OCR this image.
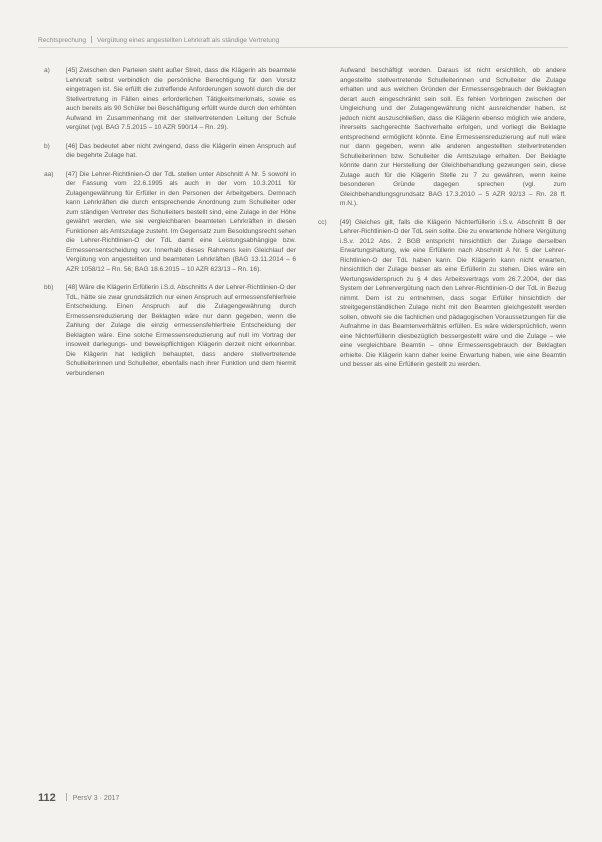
Rechtsprechung Vergütung eines angestellten Lehrkraft als ständige Vertretung
a)	[45] Zwischen den Parteien steht außer Streit, dass die Klägerin als beamtete Lehrkraft selbst verbindlich die persönliche Berechtigung für den Vorsitz eingetragen ist. Sie erfüllt die zutreffende Anforderungen sowohl durch die der Stellvertretung in Fällen eines erforderlichen Tätigkeitsmerkmals, sowie es auch bereits als 90 Schüler bei Beschäftigung erfüllt wurde durch den erhöhten Aufwand im Zusammenhang mit der stellvertretenden Leitung der Schule vergütet (vgl. BAG 7.5.2015 – 10 AZR 590/14 – Rn. 29).
b)	[46] Das bedeutet aber nicht zwingend, dass die Klägerin einen Anspruch auf die begehrte Zulage hat.
aa)	[47] Die Lehrer-Richtlinien-O der TdL stellen unter Abschnitt A Nr. 5 sowohl in der Fassung vom 22.6.1995 als auch in der vom 10.3.2011 für Zulagengewährung für Erfüller in den Personen der Arbeitgebers. Demnach kann Lehrkräften die durch entsprechende Anordnung zum Schulleiter oder zum ständigen Vertreter des Schulleiters bestellt sind, eine Zulage in der Höhe gewährt werden, wie sie vergleichbaren beamteten Lehrkräften in diesen Funktionen als Amtszulage zusteht. Im Gegensatz zum Besoldungsrecht sehen die Lehrer-Richtlinien-O der TdL damit eine Leistungsabhängige bzw. Ermessensentscheidung vor. Innerhalb dieses Rahmens kein Gleichlauf der Vergütung von angestellten und beamteten Lehrkräften (BAG 13.11.2014 – 6 AZR 1058/12 – Rn. 56; BAG 18.6.2015 – 10 AZR 623/13 – Rn. 16).
bb)	[48] Wäre die Klägerin Erfüllerin i.S.d. Abschnitts A der Lehrer-Richtlinien-O der TdL, hätte sie zwar grundsätzlich nur einen Anspruch auf ermessensfehlerfreie Entscheidung. Einen Anspruch auf die Zulagengewährung durch Ermessensreduzierung der Beklagten wäre nur dann gegeben, wenn die Zahlung der Zulage die einzig ermessensfehlerfreie Entscheidung der Beklagten wäre. Eine solche Ermessensreduzierung auf null im Vortrag der insoweit darlegungs- und beweispflichtigen Klägerin derzeit nicht erkennbar. Die Klägerin hat lediglich behauptet, dass andere stellvertretende Schulleiterinnen und Schulleiter, ebenfalls nach ihrer Funktion und dem hiermit verbundenen
Aufwand beschäftigt worden. Daraus ist nicht ersichtlich, ob andere angestellte stellvertretende Schulleiterinnen und Schulleiter die Zulage erhalten und aus welchen Gründen der Ermessensgebrauch der Beklagten derart auch eingeschränkt sein soll. Es fehlen Vorbringen zwischen der Ungleichung und der Zulagengewährung nicht ausreichender haben, ist jedoch nicht auszuschließen, dass die Klägerin ebenso möglich wie andere, ihrerseits sachgerechte Sachverhalte erfolgen, und vorliegt die Beklagte entsprechend ermöglicht könnte. Eine Ermessensreduzierung auf null wäre nur dann gegeben, wenn alle anderen angestellten stellvertretenden Schulleiterinnen bzw. Schulleiter die Amtszulage erhalten. Der Beklagte könnte dann zur Herstellung der Gleichbehandlung gezwungen sein, diese Zulage auch für die Klägerin Stelle zu 7 zu gewähren, wenn keine besonderen Gründe dagegen sprechen (vgl. zum Gleichbehandlungsgrundsatz BAG 17.3.2010 – 5 AZR 92/13 – Rn. 28 ff. m.N.).
cc)	[49] Gleiches gilt, falls die Klägerin Nichterfüllerin i.S.v. Abschnitt B der Lehrer-Richtlinien-O der TdL sein sollte. Die zu erwartende höhere Vergütung i.S.v. 2012 Abs. 2 BGB entspricht hinsichtlich der Zulage derselben Erwartungshaltung, wie eine Erfüllerin nach Abschnitt A Nr. 5 der Lehrer-Richtlinien-O der TdL haben kann. Die Klägerin kann nicht erwarten, hinsichtlich der Zulage besser als eine Erfüllerin zu stehen. Dies wäre ein Wertungswiderspruch zu § 4 des Arbeitsvertrags vom 26.7.2004, der das System der Lehrervergütung nach den Lehrer-Richtlinien-O der TdL in Bezug nimmt. Dem ist zu entnehmen, dass sogar Erfüller hinsichtlich der streitgegenständlichen Zulage nicht mit den Beamten gleichgestellt werden sollen, obwohl sie die fachlichen und pädagogischen Voraussetzungen für die Aufnahme in das Beamtenverhältnis erfüllen. Es wäre widersprüchlich, wenn eine Nichterfüllerin diesbezüglich bessergestellt wäre und die Zulage – wie eine vergleichbare Beamtin – ohne Ermessensgebrauch der Beklagten erhielte. Die Klägerin kann daher keine Erwartung haben, wie eine Beamtin und besser als eine Erfüllerin gestellt zu werden.
112 PersV 3 · 2017
